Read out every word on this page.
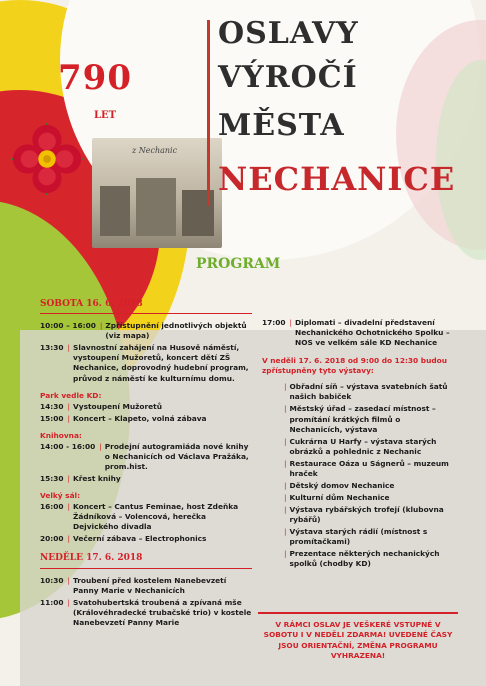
z Nechanic
790
LET
OSLAVY
VÝROČÍ
MĚSTA
NECHANICE
PROGRAM
SOBOTA 16. 6. 2018
10:00 – 16:00 | Zpřístupnění jednotlivých objektů (viz mapa)
13:30 | Slavnostní zahájení na Husově náměstí, vystoupení Mužoretů, koncert dětí ZŠ Nechanice, doprovodný hudební program, průvod z náměstí ke kulturnímu domu.
Park vedle KD:
14:30 | Vystoupení Mužoretů
15:00 | Koncert – Klapeto, volná zábava
Knihovna:
14:00 - 16:00 | Prodejní autogramiáda nové knihy o Nechanicích od Václava Pražáka, prom.hist.
15:30 | Křest knihy
Velký sál:
16:00 | Koncert – Cantus Feminae, host Zdeňka Žádníková – Volencová, herečka Dejvického divadla
20:00 | Večerní zábava – Electrophonics
NEDĚLE 17. 6. 2018
10:30 | Troubení před kostelem Nanebevzetí Panny Marie v Nechanicích
11:00 | Svatohubertská troubená a zpívaná mše (Královéhradecké trubačské trio) v kostele Nanebevzetí Panny Marie
17:00 | Diplomati – divadelní představení Nechanického Ochotnického Spolku – NOS ve velkém sále KD Nechanice
V neděli 17. 6. 2018 od 9:00 do 12:30 budou zpřístupněny tyto výstavy:
| Obřadní síň – výstava svatebních šatů našich babiček
| Městský úřad – zasedací místnost – promítání krátkých filmů o Nechanicích, výstava
| Cukrárna U Harfy – výstava starých obrázků a pohlednic z Nechanic
| Restaurace Oáza u Ságnerů – muzeum hraček
| Dětský domov Nechanice
| Kulturní dům Nechanice
| Výstava rybářských trofejí (klubovna rybářů)
| Výstava starých rádií (místnost s promítačkami)
| Prezentace některých nechanických spolků (chodby KD)
V RÁMCI OSLAV JE VEŠKERÉ VSTUPNÉ V SOBOTU I V NEDĚLI ZDARMA! UVEDENÉ ČASY JSOU ORIENTAČNÍ, ZMĚNA PROGRAMU VYHRAZENA!
